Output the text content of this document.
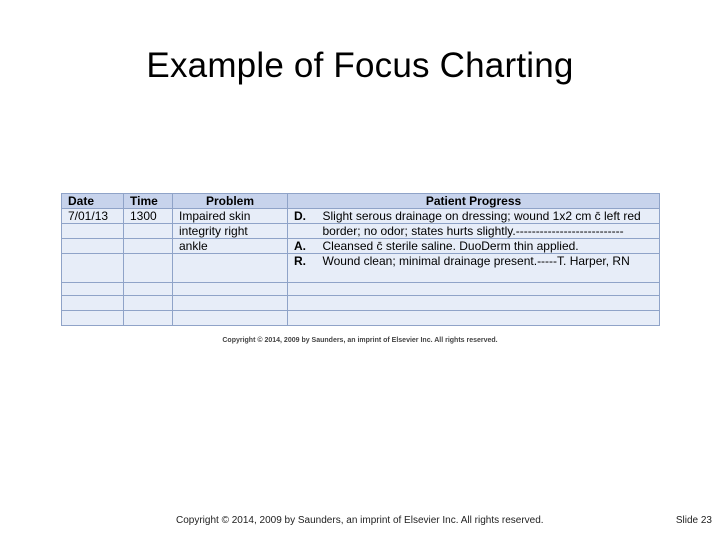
Example of Focus Charting
Date	Time	Problem	Patient Progress	
7/01/13	1300	Impaired skin	D.	Slight serous drainage on dressing; wound 1x2 cm c̄ left red
		integrity right		border; no odor; states hurts slightly.---------------------------
		ankle	A.	Cleansed c̄ sterile saline. DuoDerm thin applied.
			R.	Wound clean; minimal drainage present.-----T. Harper, RN

Copyright © 2014, 2009 by Saunders, an imprint of Elsevier Inc. All rights reserved.
Copyright © 2014, 2009 by Saunders, an imprint of Elsevier Inc. All rights reserved.	Slide 23
